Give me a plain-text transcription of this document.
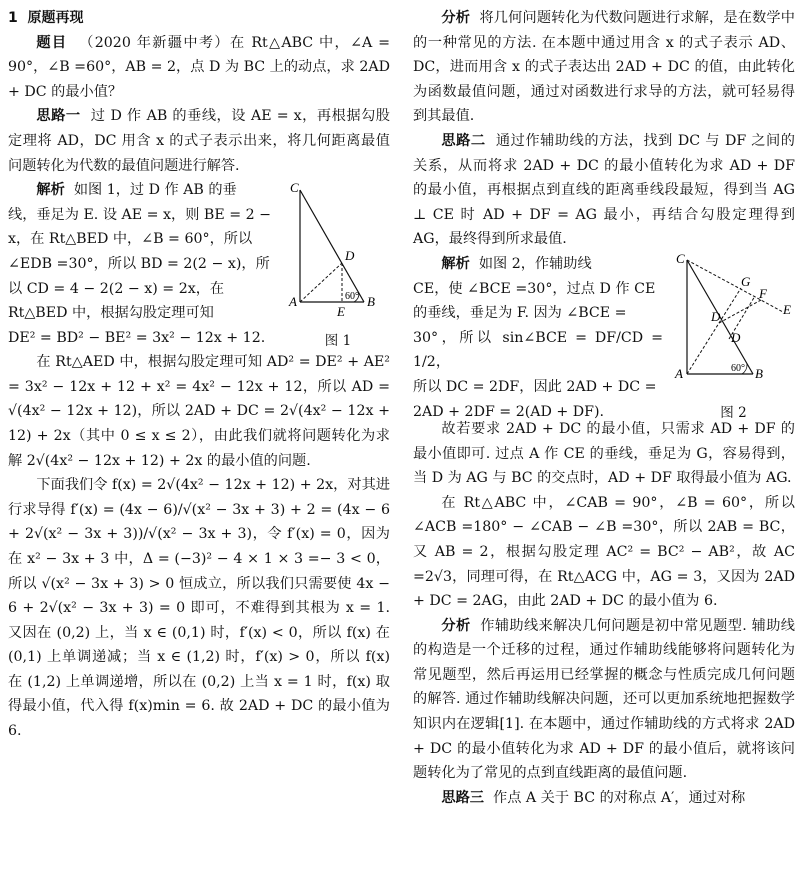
1 原题再现

题目 （2020 年新疆中考）在 Rt△ABC 中，∠A = 90°，∠B =60°，AB = 2，点 D 为 BC 上的动点，求 2AD + DC 的最小值？

思路一 过 D 作 AB 的垂线，设 AE = x，再根据勾股定理将 AD，DC 用含 x 的式子表示出来，将几何距离最值问题转化为代数的最值问题进行解答.

解析 如图 1，过 D 作 AB 的垂
线，垂足为 E. 设 AE = x，则 BE = 2 −
x，在 Rt△BED 中，∠B = 60°，所以
∠EDB =30°，所以 BD = 2(2 − x)，所
以 CD = 4 − 2(2 − x) = 2x，在
Rt△BED 中，根据勾股定理可知
DE² = BD² − BE² = 3x² − 12x + 12.
C
D
A
E
B
60°
图 1

在 Rt△AED 中，根据勾股定理可知 AD² = DE² + AE² = 3x² − 12x + 12 + x² = 4x² − 12x + 12，所以 AD = √(4x² − 12x + 12)，所以 2AD + DC = 2√(4x² − 12x + 12) + 2x（其中 0 ≤ x ≤ 2），由此我们就将问题转化为求解 2√(4x² − 12x + 12) + 2x 的最小值的问题.

下面我们令 f(x) = 2√(4x² − 12x + 12) + 2x，对其进行求导得 f′(x) = (4x − 6)/√(x² − 3x + 3) + 2 = (4x − 6 + 2√(x² − 3x + 3))/√(x² − 3x + 3)，令 f′(x) = 0，因为在 x² − 3x + 3 中，Δ = (−3)² − 4 × 1 × 3 =− 3 < 0，所以 √(x² − 3x + 3) > 0 恒成立，所以我们只需要使 4x − 6 + 2√(x² − 3x + 3) = 0 即可，不难得到其根为 x = 1. 又因在 (0,2) 上，当 x ∈ (0,1) 时，f′(x) < 0，所以 f(x) 在 (0,1) 上单调递减；当 x ∈ (1,2) 时，f′(x) > 0，所以 f(x) 在 (1,2) 上单调递增，所以在 (0,2) 上当 x = 1 时，f(x) 取得最小值，代入得 f(x)min = 6. 故 2AD + DC 的最小值为 6.

分析 将几何问题转化为代数问题进行求解，是在数学中的一种常见的方法. 在本题中通过用含 x 的式子表示 AD、DC，进而用含 x 的式子表达出 2AD + DC 的值，由此转化为函数最值问题，通过对函数进行求导的方法，就可轻易得到其最值.

思路二 通过作辅助线的方法，找到 DC 与 DF 之间的关系，从而将求 2AD + DC 的最小值转化为求 AD + DF 的最小值，再根据点到直线的距离垂线段最短，得到当 AG ⊥ CE 时 AD + DF = AG 最小，再结合勾股定理得到 AG，最终得到所求最值.

解析 如图 2，作辅助线
CE，使 ∠BCE =30°，过点 D 作 CE
的垂线，垂足为 F. 因为 ∠BCE =
30°，所以 sin∠BCE = DF/CD = 1/2，
所以 DC = 2DF，因此 2AD + DC =
2AD + 2DF = 2(AD + DF).
C
G
F
E
D
D
A	B
60°
图 2

故若要求 2AD + DC 的最小值，只需求 AD + DF 的最小值即可. 过点 A 作 CE 的垂线，垂足为 G，容易得到，当 D 为 AG 与 BC 的交点时，AD + DF 取得最小值为 AG.

在 Rt△ABC 中，∠CAB = 90°，∠B = 60°，所以 ∠ACB =180° − ∠CAB − ∠B =30°，所以 2AB = BC，又 AB = 2，根据勾股定理 AC² = BC² − AB²，故 AC =2√3，同理可得，在 Rt△ACG 中，AG = 3，又因为 2AD + DC = 2AG，由此 2AD + DC 的最小值为 6.

分析 作辅助线来解决几何问题是初中常见题型. 辅助线的构造是一个迁移的过程，通过作辅助线能够将问题转化为常见题型，然后再运用已经掌握的概念与性质完成几何问题的解答. 通过作辅助线解决问题，还可以更加系统地把握数学知识内在逻辑[1]. 在本题中，通过作辅助线的方式将求 2AD + DC 的最小值转化为求 AD + DF 的最小值后，就将该问题转化为了常见的点到直线距离的最值问题.

思路三 作点 A 关于 BC 的对称点 A′，通过对称
